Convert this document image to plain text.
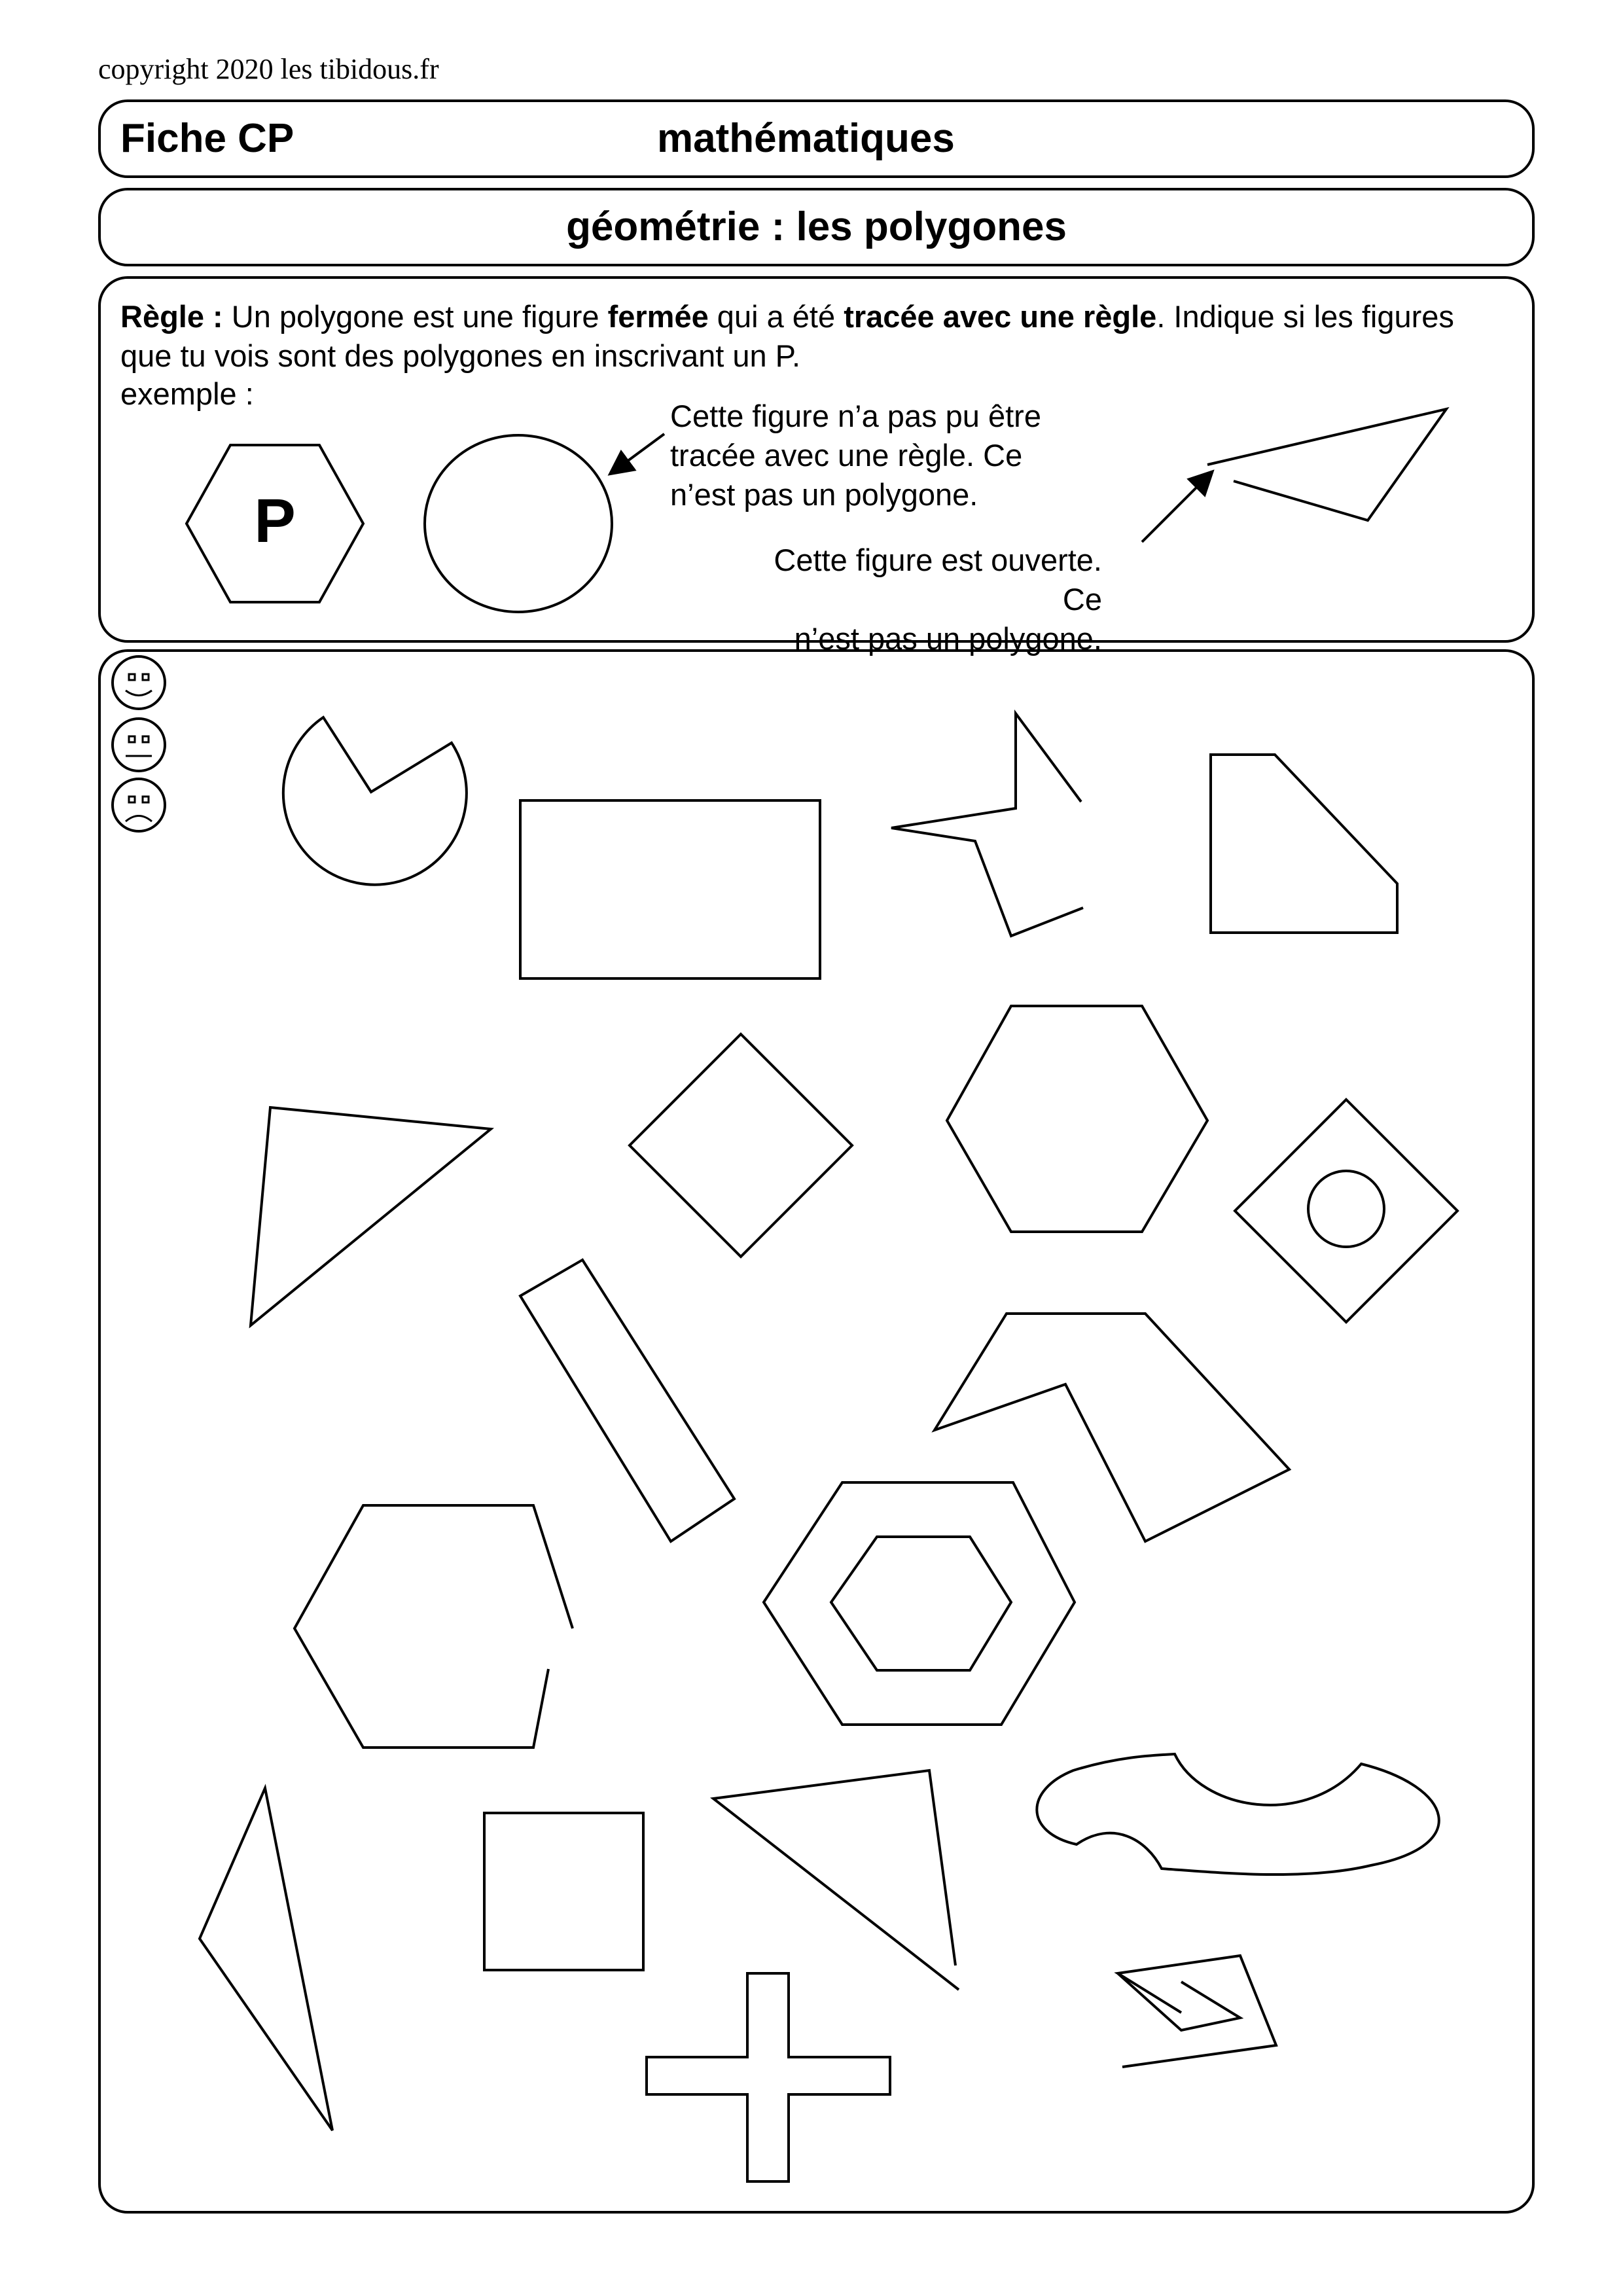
copyright 2020 les tibidous.fr
Fiche CP	mathématiques
géométrie : les polygones
Règle : Un polygone est une figure fermée qui a été tracée avec une règle. Indique si les figures que tu vois sont des polygones en inscrivant un P.
exemple :
Cette figure n’a pas pu être
tracée avec une règle. Ce
n’est pas un polygone.
Cette figure est ouverte. Ce
n’est pas un polygone.
P
